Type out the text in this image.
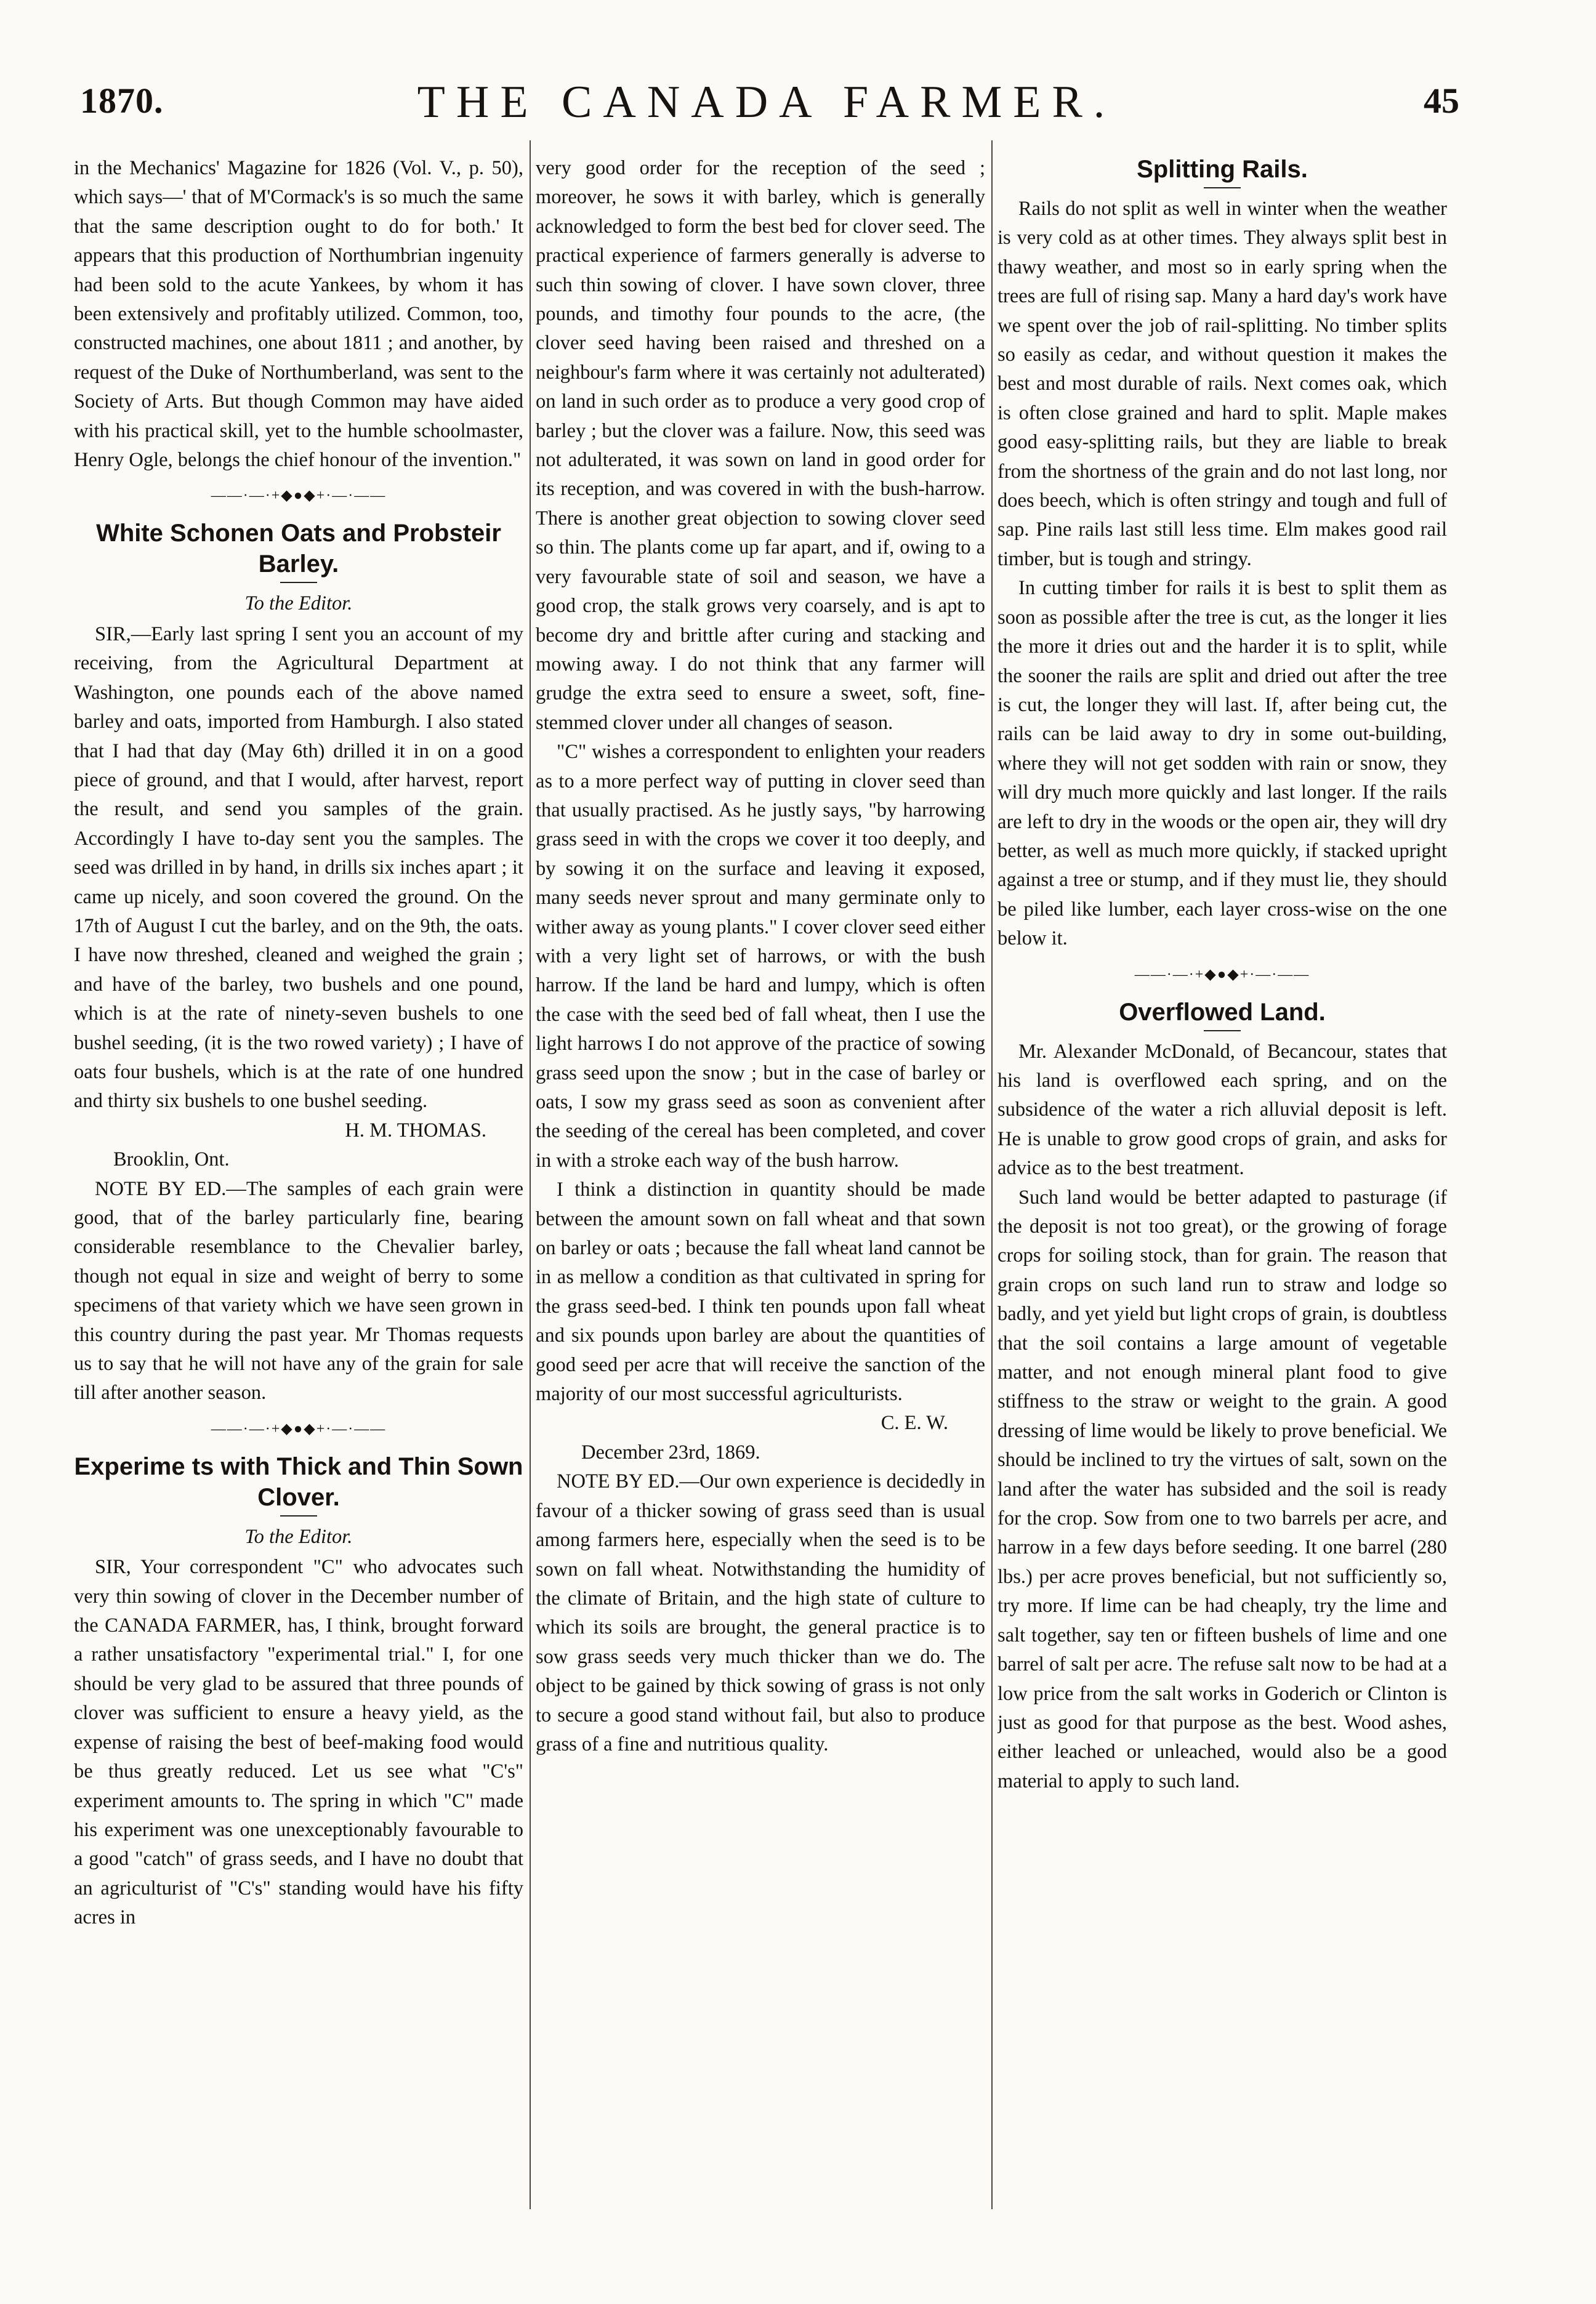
1870.	THE CANADA FARMER.	45

in the Mechanics' Magazine for 1826 (Vol. V., p. 50), which says—' that of M'Cormack's is so much the same that the same description ought to do for both.' It appears that this production of Northumbrian ingenuity had been sold to the acute Yankees, by whom it has been extensively and profitably utilized. Common, too, constructed machines, one about 1811 ; and another, by request of the Duke of Northumberland, was sent to the Society of Arts. But though Common may have aided with his practical skill, yet to the humble schoolmaster, Henry Ogle, belongs the chief honour of the invention."

——·—·+◆●◆+·—·——
White Schonen Oats and Probsteir Barley.
To the Editor.

SIR,—Early last spring I sent you an account of my receiving, from the Agricultural Department at Washington, one pounds each of the above named barley and oats, imported from Hamburgh. I also stated that I had that day (May 6th) drilled it in on a good piece of ground, and that I would, after harvest, report the result, and send you samples of the grain. Accordingly I have to-day sent you the samples. The seed was drilled in by hand, in drills six inches apart ; it came up nicely, and soon covered the ground. On the 17th of August I cut the barley, and on the 9th, the oats. I have now threshed, cleaned and weighed the grain ; and have of the barley, two bushels and one pound, which is at the rate of ninety-seven bushels to one bushel seeding, (it is the two rowed variety) ; I have of oats four bushels, which is at the rate of one hundred and thirty six bushels to one bushel seeding.

H. M. THOMAS.

Brooklin, Ont.

NOTE BY ED.—The samples of each grain were good, that of the barley particularly fine, bearing considerable resemblance to the Chevalier barley, though not equal in size and weight of berry to some specimens of that variety which we have seen grown in this country during the past year. Mr Thomas requests us to say that he will not have any of the grain for sale till after another season.

——·—·+◆●◆+·—·——
Experime ts with Thick and Thin Sown Clover.
To the Editor.

SIR, Your correspondent "C" who advocates such very thin sowing of clover in the December number of the CANADA FARMER, has, I think, brought forward a rather unsatisfactory "experimental trial." I, for one should be very glad to be assured that three pounds of clover was sufficient to ensure a heavy yield, as the expense of raising the best of beef-making food would be thus greatly reduced. Let us see what "C's" experiment amounts to. The spring in which "C" made his experiment was one unexceptionably favourable to a good "catch" of grass seeds, and I have no doubt that an agriculturist of "C's" standing would have his fifty acres in

very good order for the reception of the seed ; moreover, he sows it with barley, which is generally acknowledged to form the best bed for clover seed. The practical experience of farmers generally is adverse to such thin sowing of clover. I have sown clover, three pounds, and timothy four pounds to the acre, (the clover seed having been raised and threshed on a neighbour's farm where it was certainly not adulterated) on land in such order as to produce a very good crop of barley ; but the clover was a failure. Now, this seed was not adulterated, it was sown on land in good order for its reception, and was covered in with the bush-harrow. There is another great objection to sowing clover seed so thin. The plants come up far apart, and if, owing to a very favourable state of soil and season, we have a good crop, the stalk grows very coarsely, and is apt to become dry and brittle after curing and stacking and mowing away. I do not think that any farmer will grudge the extra seed to ensure a sweet, soft, fine-stemmed clover under all changes of season.

"C" wishes a correspondent to enlighten your readers as to a more perfect way of putting in clover seed than that usually practised. As he justly says, "by harrowing grass seed in with the crops we cover it too deeply, and by sowing it on the surface and leaving it exposed, many seeds never sprout and many germinate only to wither away as young plants." I cover clover seed either with a very light set of harrows, or with the bush harrow. If the land be hard and lumpy, which is often the case with the seed bed of fall wheat, then I use the light harrows I do not approve of the practice of sowing grass seed upon the snow ; but in the case of barley or oats, I sow my grass seed as soon as convenient after the seeding of the cereal has been completed, and cover in with a stroke each way of the bush harrow.

I think a distinction in quantity should be made between the amount sown on fall wheat and that sown on barley or oats ; because the fall wheat land cannot be in as mellow a condition as that cultivated in spring for the grass seed-bed. I think ten pounds upon fall wheat and six pounds upon barley are about the quantities of good seed per acre that will receive the sanction of the majority of our most successful agriculturists.

C. E. W.

December 23rd, 1869.

NOTE BY ED.—Our own experience is decidedly in favour of a thicker sowing of grass seed than is usual among farmers here, especially when the seed is to be sown on fall wheat. Notwithstanding the humidity of the climate of Britain, and the high state of culture to which its soils are brought, the general practice is to sow grass seeds very much thicker than we do. The object to be gained by thick sowing of grass is not only to secure a good stand without fail, but also to produce grass of a fine and nutritious quality.

Splitting Rails.

Rails do not split as well in winter when the weather is very cold as at other times. They always split best in thawy weather, and most so in early spring when the trees are full of rising sap. Many a hard day's work have we spent over the job of rail-splitting. No timber splits so easily as cedar, and without question it makes the best and most durable of rails. Next comes oak, which is often close grained and hard to split. Maple makes good easy-splitting rails, but they are liable to break from the shortness of the grain and do not last long, nor does beech, which is often stringy and tough and full of sap. Pine rails last still less time. Elm makes good rail timber, but is tough and stringy.

In cutting timber for rails it is best to split them as soon as possible after the tree is cut, as the longer it lies the more it dries out and the harder it is to split, while the sooner the rails are split and dried out after the tree is cut, the longer they will last. If, after being cut, the rails can be laid away to dry in some out-building, where they will not get sodden with rain or snow, they will dry much more quickly and last longer. If the rails are left to dry in the woods or the open air, they will dry better, as well as much more quickly, if stacked upright against a tree or stump, and if they must lie, they should be piled like lumber, each layer cross-wise on the one below it.

——·—·+◆●◆+·—·——
Overflowed Land.

Mr. Alexander McDonald, of Becancour, states that his land is overflowed each spring, and on the subsidence of the water a rich alluvial deposit is left. He is unable to grow good crops of grain, and asks for advice as to the best treatment.

Such land would be better adapted to pasturage (if the deposit is not too great), or the growing of forage crops for soiling stock, than for grain. The reason that grain crops on such land run to straw and lodge so badly, and yet yield but light crops of grain, is doubtless that the soil contains a large amount of vegetable matter, and not enough mineral plant food to give stiffness to the straw or weight to the grain. A good dressing of lime would be likely to prove beneficial. We should be inclined to try the virtues of salt, sown on the land after the water has subsided and the soil is ready for the crop. Sow from one to two barrels per acre, and harrow in a few days before seeding. It one barrel (280 lbs.) per acre proves beneficial, but not sufficiently so, try more. If lime can be had cheaply, try the lime and salt together, say ten or fifteen bushels of lime and one barrel of salt per acre. The refuse salt now to be had at a low price from the salt works in Goderich or Clinton is just as good for that purpose as the best. Wood ashes, either leached or unleached, would also be a good material to apply to such land.
